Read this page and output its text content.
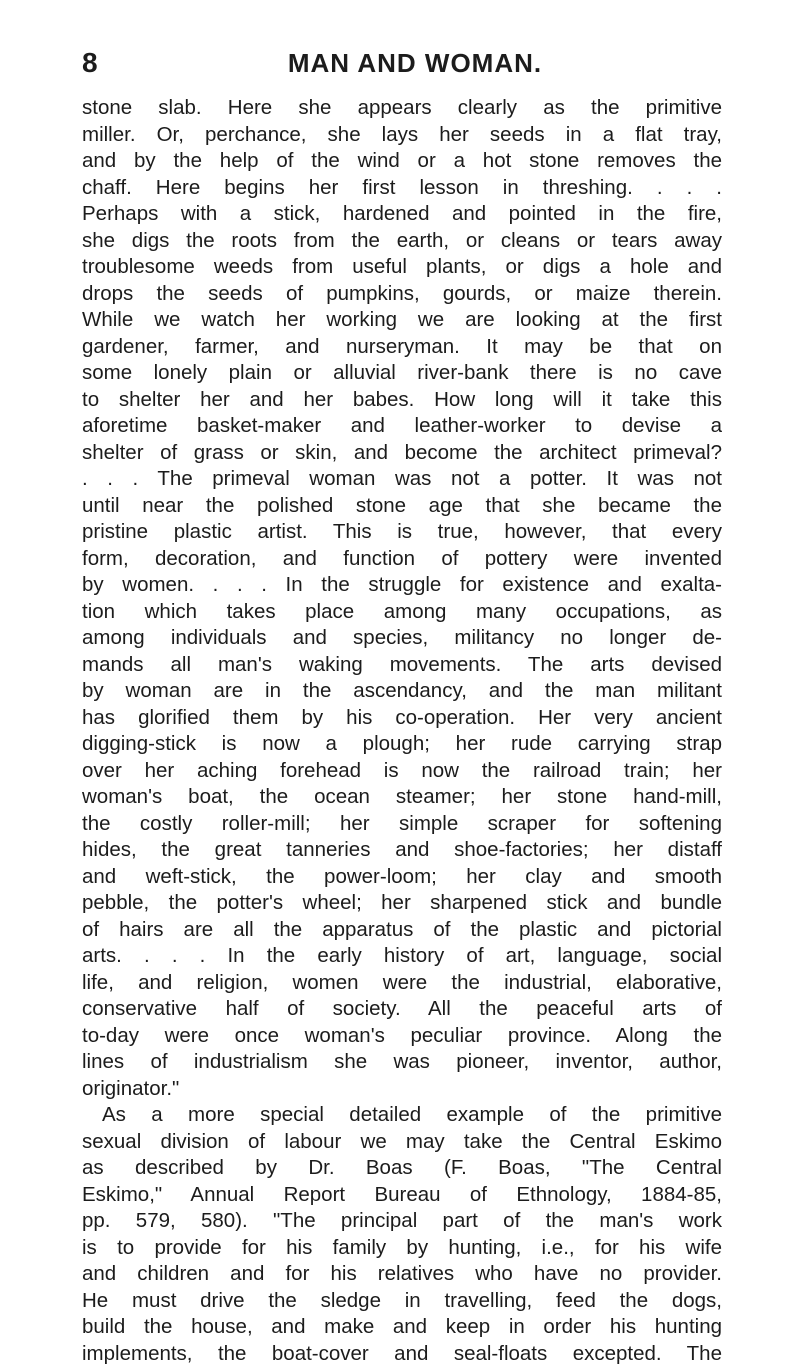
8	MAN AND WOMAN.
stone slab. Here she appears clearly as the primitive
miller. Or, perchance, she lays her seeds in a flat tray,
and by the help of the wind or a hot stone removes the
chaff. Here begins her first lesson in threshing. . . .
Perhaps with a stick, hardened and pointed in the fire,
she digs the roots from the earth, or cleans or tears away
troublesome weeds from useful plants, or digs a hole and
drops the seeds of pumpkins, gourds, or maize therein.
While we watch her working we are looking at the first
gardener, farmer, and nurseryman. It may be that on
some lonely plain or alluvial river-bank there is no cave
to shelter her and her babes. How long will it take this
aforetime basket-maker and leather-worker to devise a
shelter of grass or skin, and become the architect primeval?
. . . The primeval woman was not a potter. It was not
until near the polished stone age that she became the
pristine plastic artist. This is true, however, that every
form, decoration, and function of pottery were invented
by women. . . . In the struggle for existence and exalta-
tion which takes place among many occupations, as
among individuals and species, militancy no longer de-
mands all man's waking movements. The arts devised
by woman are in the ascendancy, and the man militant
has glorified them by his co-operation. Her very ancient
digging-stick is now a plough; her rude carrying strap
over her aching forehead is now the railroad train; her
woman's boat, the ocean steamer; her stone hand-mill,
the costly roller-mill; her simple scraper for softening
hides, the great tanneries and shoe-factories; her distaff
and weft-stick, the power-loom; her clay and smooth
pebble, the potter's wheel; her sharpened stick and bundle
of hairs are all the apparatus of the plastic and pictorial
arts. . . . In the early history of art, language, social
life, and religion, women were the industrial, elaborative,
conservative half of society. All the peaceful arts of
to-day were once woman's peculiar province. Along the
lines of industrialism she was pioneer, inventor, author,
originator."
As a more special detailed example of the primitive
sexual division of labour we may take the Central Eskimo
as described by Dr. Boas (F. Boas, "The Central
Eskimo," Annual Report Bureau of Ethnology, 1884-85,
pp. 579, 580). "The principal part of the man's work
is to provide for his family by hunting, i.e., for his wife
and children and for his relatives who have no provider.
He must drive the sledge in travelling, feed the dogs,
build the house, and make and keep in order his hunting
implements, the boat-cover and seal-floats excepted. The
